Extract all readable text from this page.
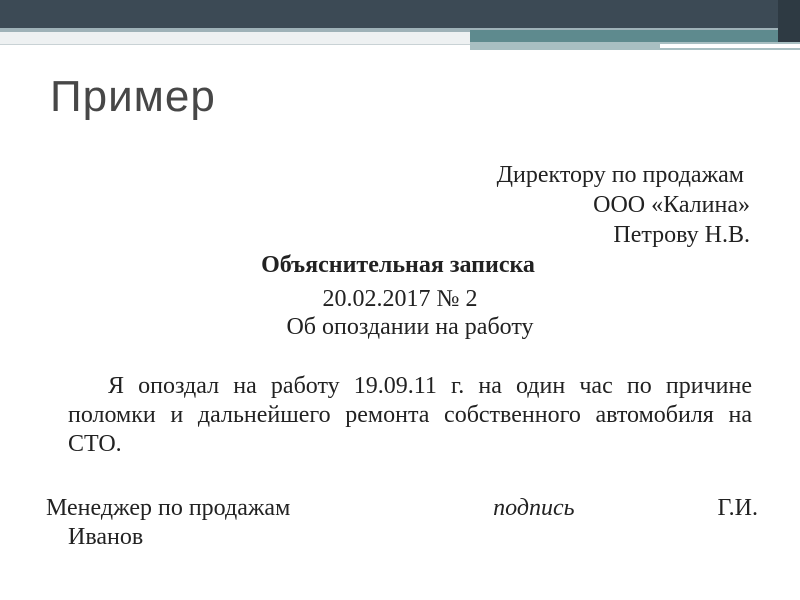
Пример
Директору по продажам
ООО «Калина»
Петрову Н.В.
Объяснительная записка
20.02.2017 № 2
Об опоздании на работу
Я опоздал на работу 19.09.11 г. на один час по причине поломки и дальнейшего ремонта собственного автомобиля на СТО.
Менеджер по продажам	подпись	Г.И.
Иванов
